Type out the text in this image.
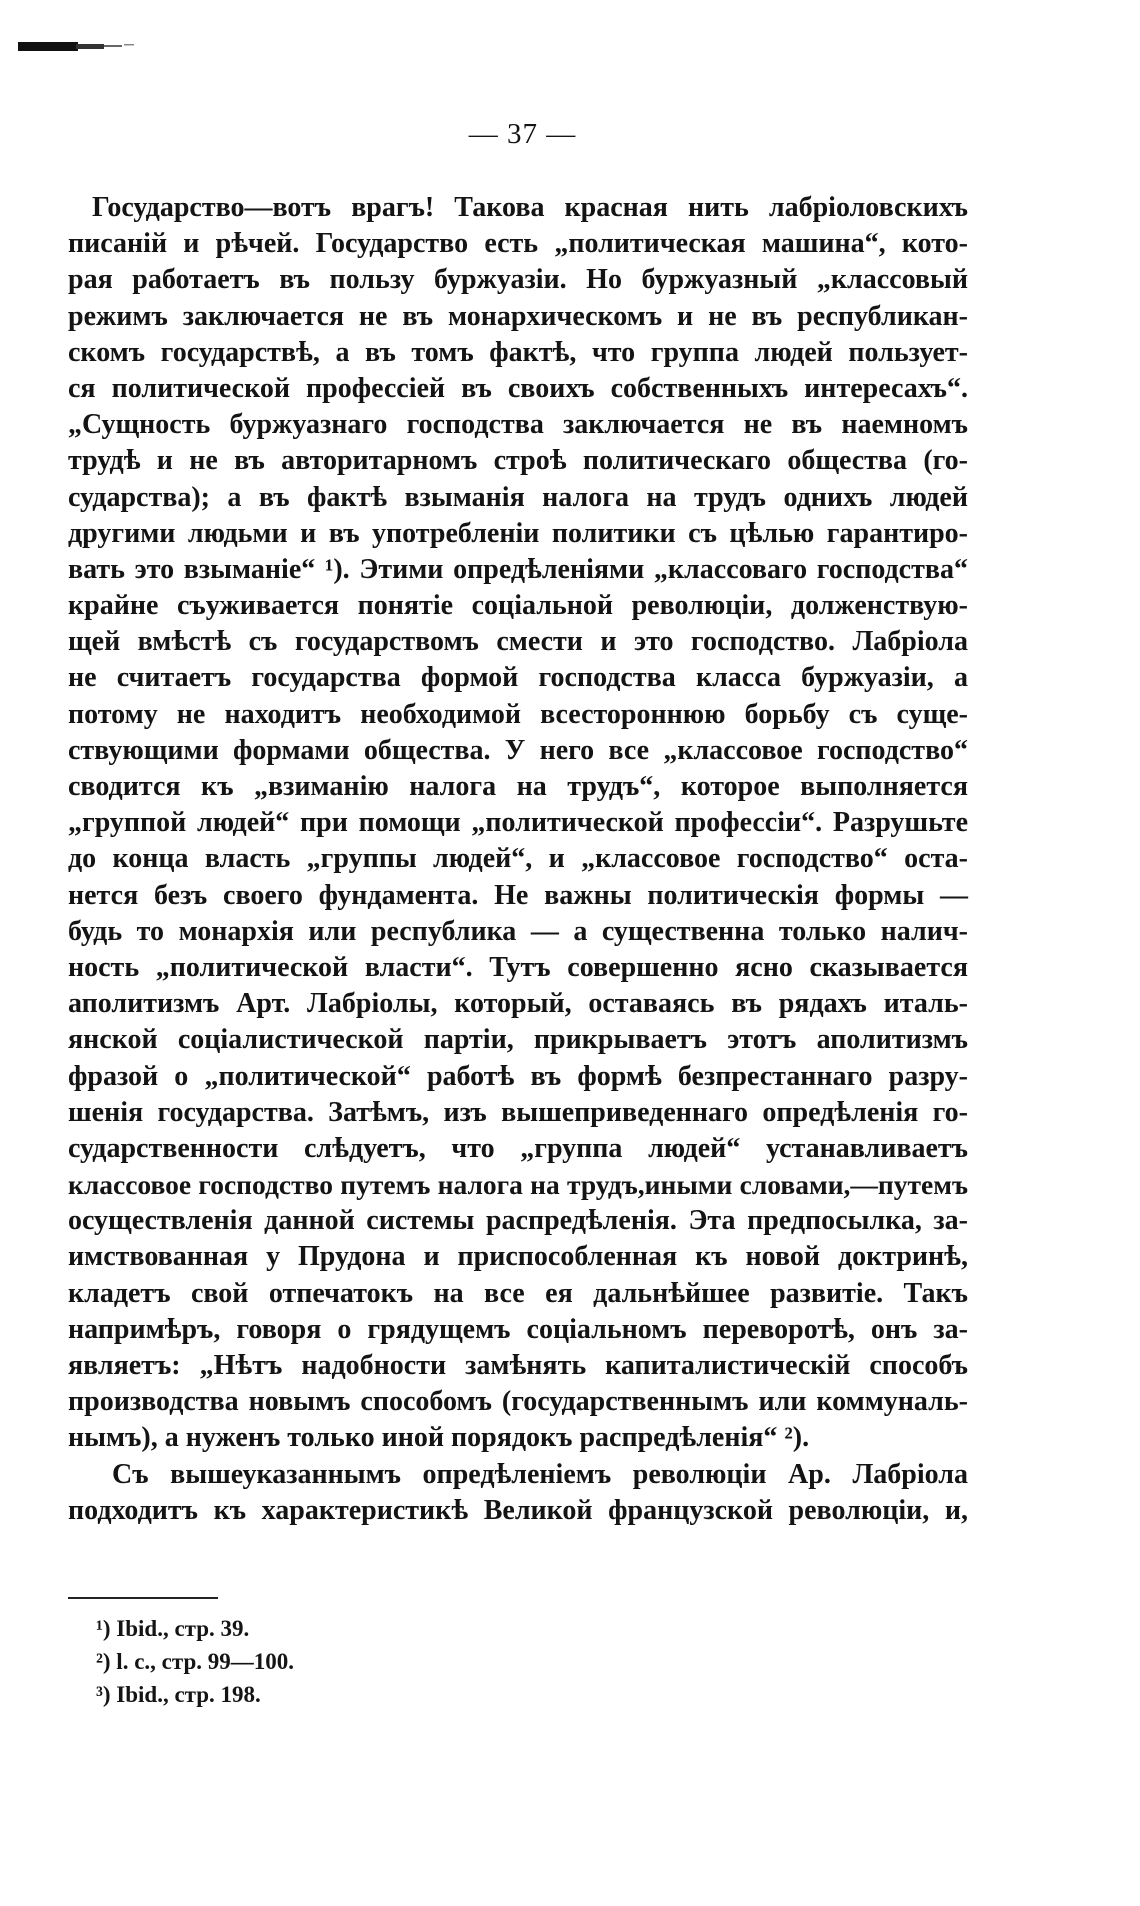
— 37 —
Государство—вотъ врагъ! Такова красная нить лабріоловскихъ
писаній и рѣчей. Государство есть „политическая машина“, кото-
рая работаетъ въ пользу буржуазіи. Но буржуазный „классовый
режимъ заключается не въ монархическомъ и не въ республикан-
скомъ государствѣ, а въ томъ фактѣ, что группа людей пользует-
ся политической профессіей въ своихъ собственныхъ интересахъ“.
„Сущность буржуазнаго господства заключается не въ наемномъ
трудѣ и не въ авторитарномъ строѣ политическаго общества (го-
сударства); а въ фактѣ взыманія налога на трудъ однихъ людей
другими людьми и въ употребленіи политики съ цѣлью гарантиро-
вать это взыманіе“ ¹). Этими опредѣленіями „классоваго господства“
крайне съуживается понятіе соціальной революціи, долженствую-
щей вмѣстѣ съ государствомъ смести и это господство. Лабріола
не считаетъ государства формой господства класса буржуазіи, а
потому не находитъ необходимой всестороннюю борьбу съ суще-
ствующими формами общества. У него все „классовое господство“
сводится къ „взиманію налога на трудъ“, которое выполняется
„группой людей“ при помощи „политической профессіи“. Разрушьте
до конца власть „группы людей“, и „классовое господство“ оста-
нется безъ своего фундамента. Не важны политическія формы —
будь то монархія или республика — а существенна только налич-
ность „политической власти“. Тутъ совершенно ясно сказывается
аполитизмъ Арт. Лабріолы, который, оставаясь въ рядахъ италь-
янской соціалистической партіи, прикрываетъ этотъ аполитизмъ
фразой о „политической“ работѣ въ формѣ безпрестаннаго разру-
шенія государства. Затѣмъ, изъ вышеприведеннаго опредѣленія го-
сударственности слѣдуетъ, что „группа людей“ устанавливаетъ
классовое господство путемъ налога на трудъ,иными словами,—путемъ
осуществленія данной системы распредѣленія. Эта предпосылка, за-
имствованная у Прудона и приспособленная къ новой доктринѣ,
кладетъ свой отпечатокъ на все ея дальнѣйшее развитіе. Такъ
напримѣръ, говоря о грядущемъ соціальномъ переворотѣ, онъ за-
являетъ: „Нѣтъ надобности замѣнять капиталистическій способъ
производства новымъ способомъ (государственнымъ или коммуналь-
нымъ), а нуженъ только иной порядокъ распредѣленія“ ²).
Съ вышеуказаннымъ опредѣленіемъ революціи Ар. Лабріола
подходитъ къ характеристикѣ Великой французской революціи, и,
¹) Ibid., стр. 39.
²) l. c., стр. 99—100.
³) Ibid., стр. 198.
